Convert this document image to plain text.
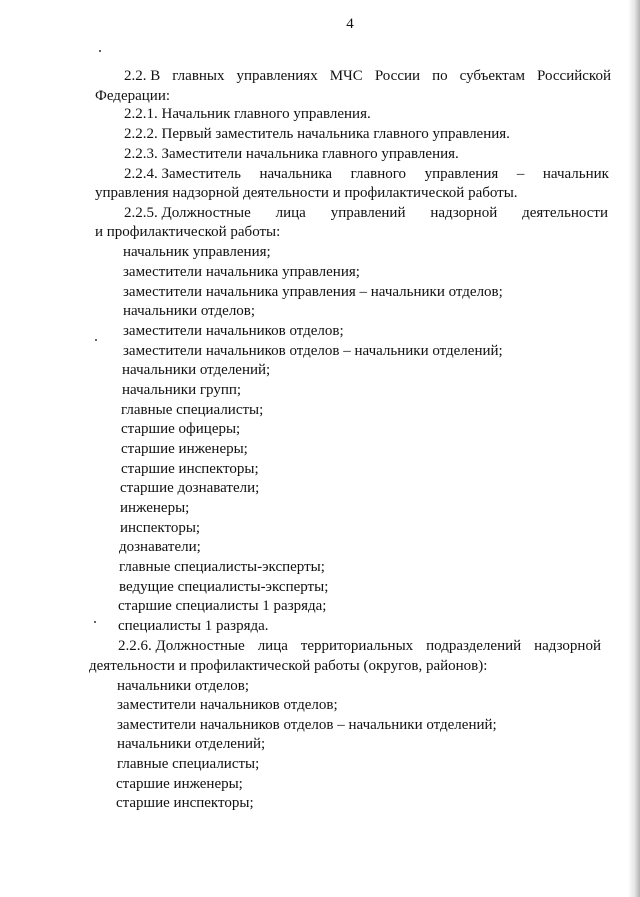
4
2.2. В главных управлениях МЧС России по субъектам Российской
Федерации:
2.2.1. Начальник главного управления.
2.2.2. Первый заместитель начальника главного управления.
2.2.3. Заместители начальника главного управления.
2.2.4. Заместитель начальника главного управления – начальник
управления надзорной деятельности и профилактической работы.
2.2.5. Должностные лица управлений надзорной деятельности
и профилактической работы:
начальник управления;
заместители начальника управления;
заместители начальника управления – начальники отделов;
начальники отделов;
заместители начальников отделов;
заместители начальников отделов – начальники отделений;
начальники отделений;
начальники групп;
главные специалисты;
старшие офицеры;
старшие инженеры;
старшие инспекторы;
старшие дознаватели;
инженеры;
инспекторы;
дознаватели;
главные специалисты-эксперты;
ведущие специалисты-эксперты;
старшие специалисты 1 разряда;
специалисты 1 разряда.
2.2.6. Должностные лица территориальных подразделений надзорной
деятельности и профилактической работы (округов, районов):
начальники отделов;
заместители начальников отделов;
заместители начальников отделов – начальники отделений;
начальники отделений;
главные специалисты;
старшие инженеры;
старшие инспекторы;
